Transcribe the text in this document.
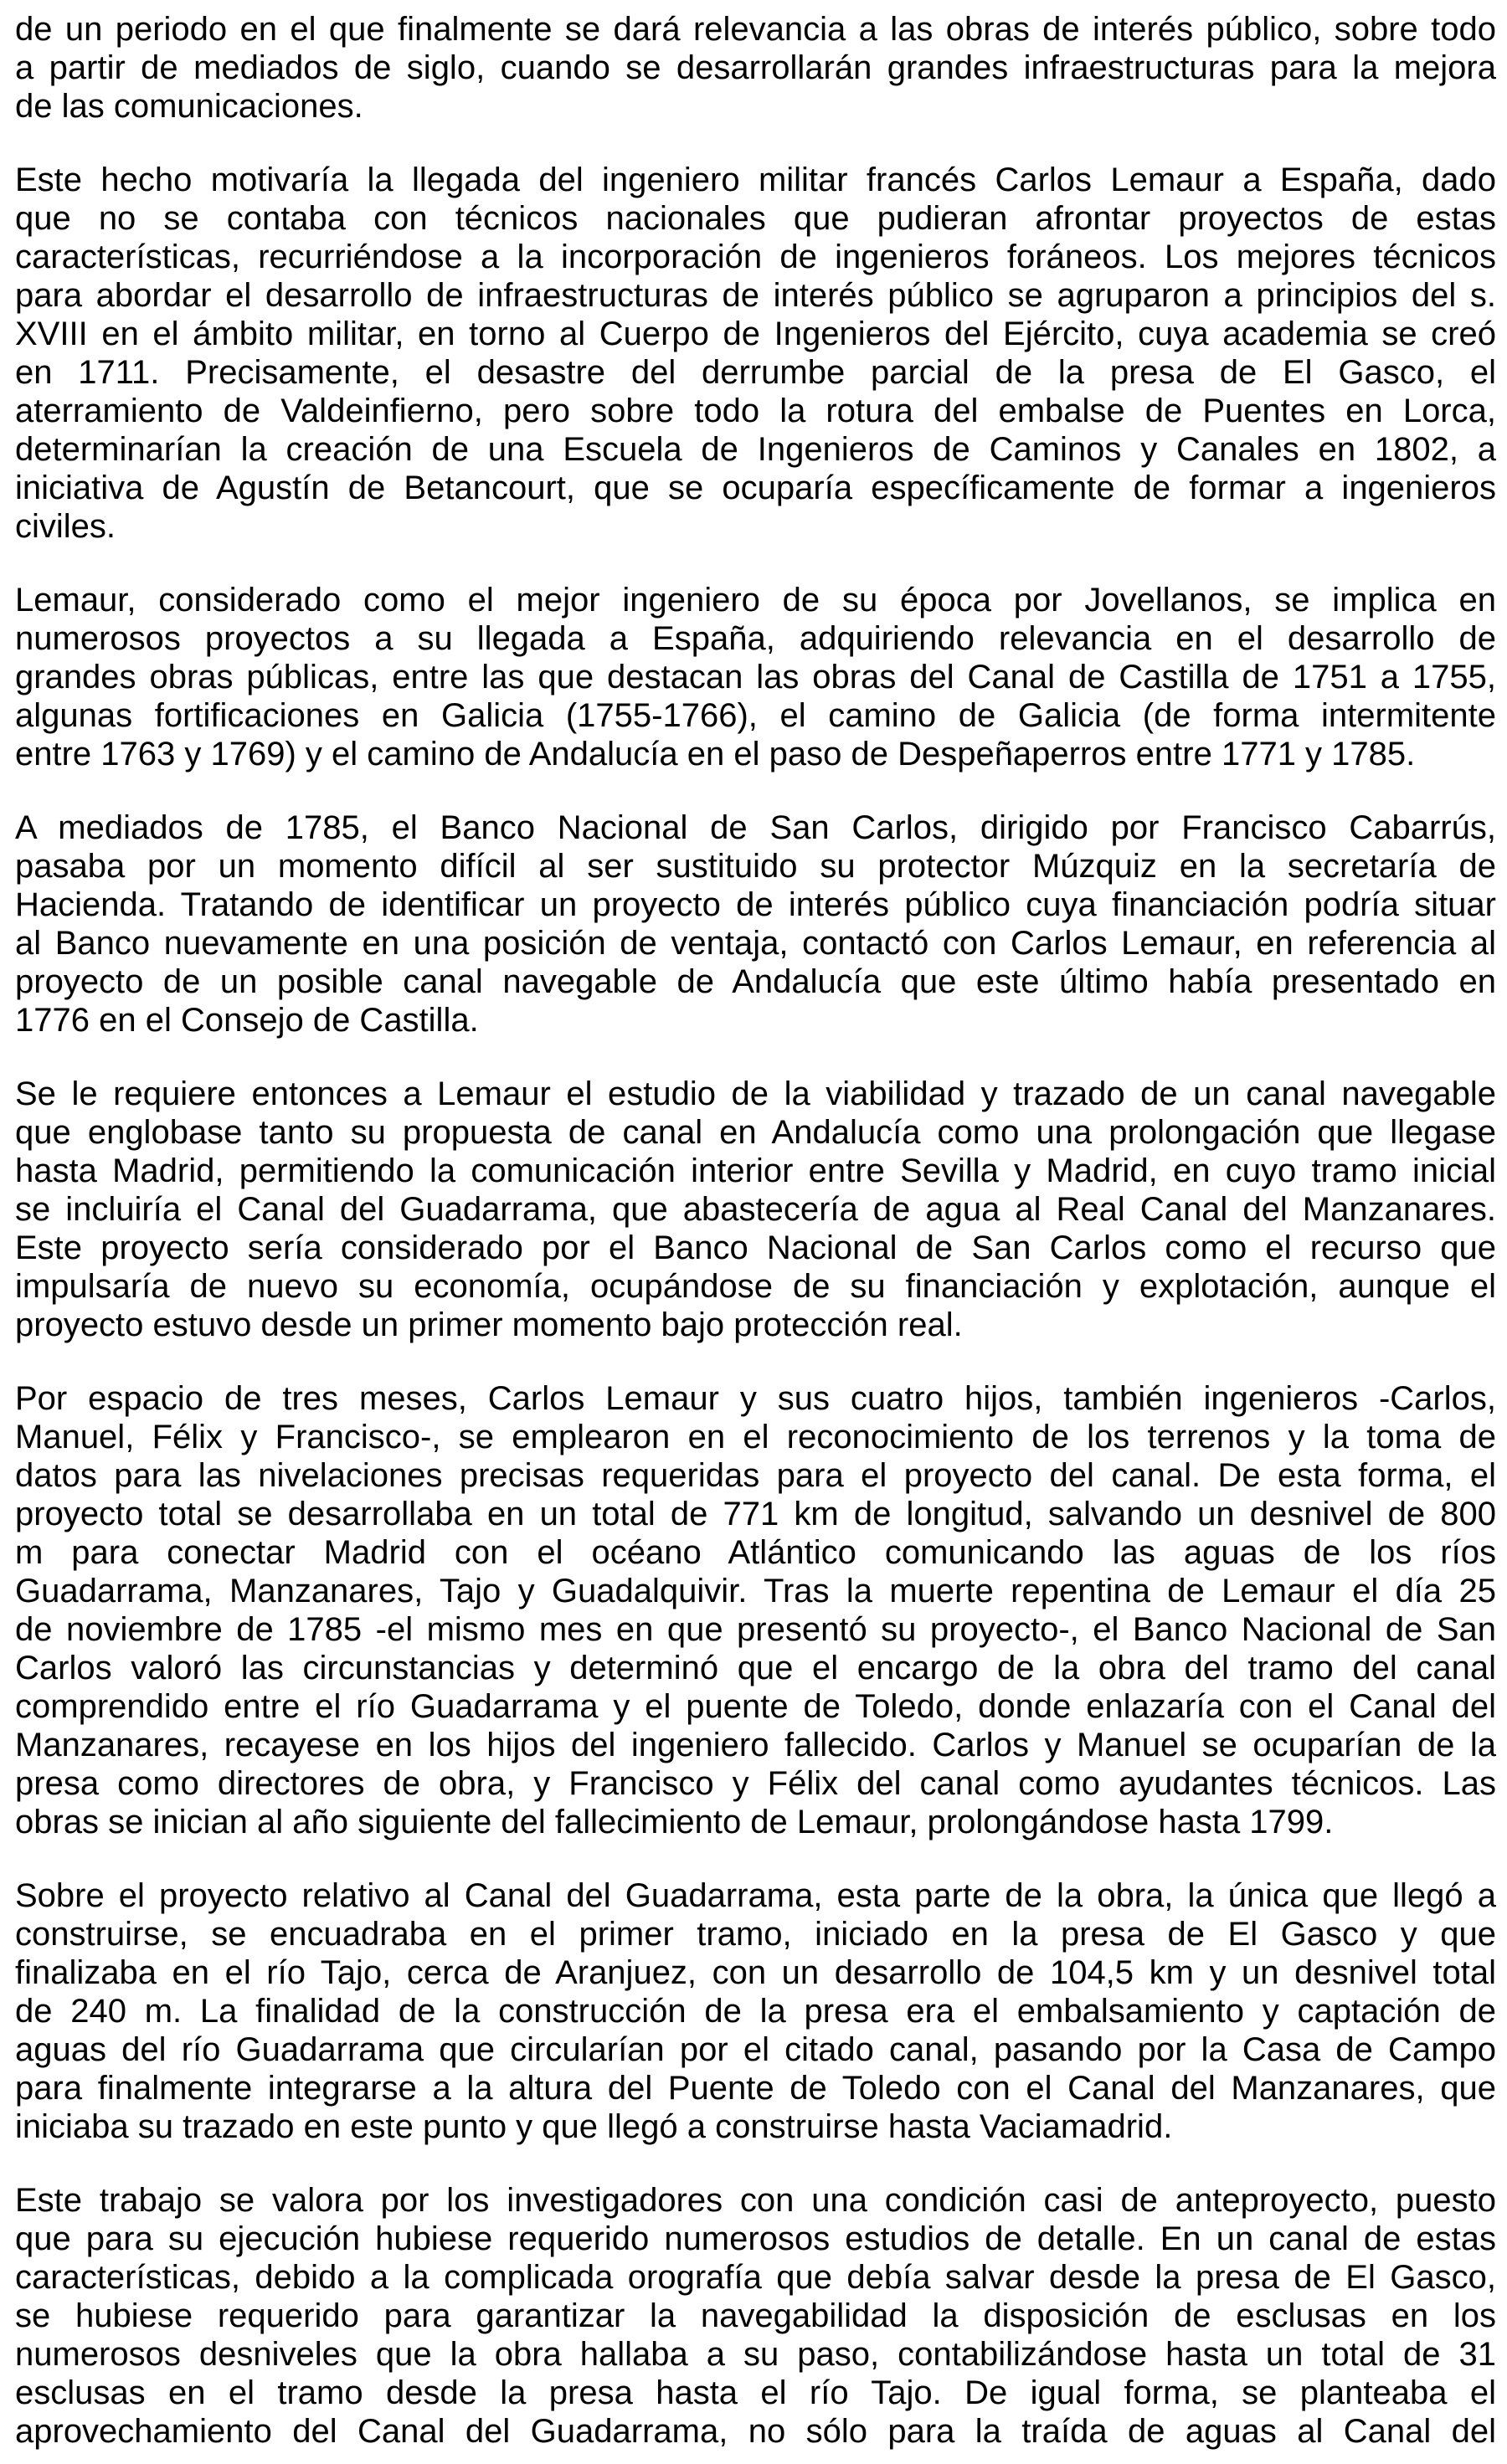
de un periodo en el que finalmente se dará relevancia a las obras de interés público, sobre todo
a partir de mediados de siglo, cuando se desarrollarán grandes infraestructuras para la mejora
de las comunicaciones.

Este hecho motivaría la llegada del ingeniero militar francés Carlos Lemaur a España, dado
que no se contaba con técnicos nacionales que pudieran afrontar proyectos de estas
características, recurriéndose a la incorporación de ingenieros foráneos. Los mejores técnicos
para abordar el desarrollo de infraestructuras de interés público se agruparon a principios del s.
XVIII en el ámbito militar, en torno al Cuerpo de Ingenieros del Ejército, cuya academia se creó
en 1711. Precisamente, el desastre del derrumbe parcial de la presa de El Gasco, el
aterramiento de Valdeinfierno, pero sobre todo la rotura del embalse de Puentes en Lorca,
determinarían la creación de una Escuela de Ingenieros de Caminos y Canales en 1802, a
iniciativa de Agustín de Betancourt, que se ocuparía específicamente de formar a ingenieros
civiles.

Lemaur, considerado como el mejor ingeniero de su época por Jovellanos, se implica en
numerosos proyectos a su llegada a España, adquiriendo relevancia en el desarrollo de
grandes obras públicas, entre las que destacan las obras del Canal de Castilla de 1751 a 1755,
algunas fortificaciones en Galicia (1755-1766), el camino de Galicia (de forma intermitente
entre 1763 y 1769) y el camino de Andalucía en el paso de Despeñaperros entre 1771 y 1785.

A mediados de 1785, el Banco Nacional de San Carlos, dirigido por Francisco Cabarrús,
pasaba por un momento difícil al ser sustituido su protector Múzquiz en la secretaría de
Hacienda. Tratando de identificar un proyecto de interés público cuya financiación podría situar
al Banco nuevamente en una posición de ventaja, contactó con Carlos Lemaur, en referencia al
proyecto de un posible canal navegable de Andalucía que este último había presentado en
1776 en el Consejo de Castilla.

Se le requiere entonces a Lemaur el estudio de la viabilidad y trazado de un canal navegable
que englobase tanto su propuesta de canal en Andalucía como una prolongación que llegase
hasta Madrid, permitiendo la comunicación interior entre Sevilla y Madrid, en cuyo tramo inicial
se incluiría el Canal del Guadarrama, que abastecería de agua al Real Canal del Manzanares.
Este proyecto sería considerado por el Banco Nacional de San Carlos como el recurso que
impulsaría de nuevo su economía, ocupándose de su financiación y explotación, aunque el
proyecto estuvo desde un primer momento bajo protección real.

Por espacio de tres meses, Carlos Lemaur y sus cuatro hijos, también ingenieros -Carlos,
Manuel, Félix y Francisco-, se emplearon en el reconocimiento de los terrenos y la toma de
datos para las nivelaciones precisas requeridas para el proyecto del canal. De esta forma, el
proyecto total se desarrollaba en un total de 771 km de longitud, salvando un desnivel de 800
m para conectar Madrid con el océano Atlántico comunicando las aguas de los ríos
Guadarrama, Manzanares, Tajo y Guadalquivir. Tras la muerte repentina de Lemaur el día 25
de noviembre de 1785 -el mismo mes en que presentó su proyecto-, el Banco Nacional de San
Carlos valoró las circunstancias y determinó que el encargo de la obra del tramo del canal
comprendido entre el río Guadarrama y el puente de Toledo, donde enlazaría con el Canal del
Manzanares, recayese en los hijos del ingeniero fallecido. Carlos y Manuel se ocuparían de la
presa como directores de obra, y Francisco y Félix del canal como ayudantes técnicos. Las
obras se inician al año siguiente del fallecimiento de Lemaur, prolongándose hasta 1799.

Sobre el proyecto relativo al Canal del Guadarrama, esta parte de la obra, la única que llegó a
construirse, se encuadraba en el primer tramo, iniciado en la presa de El Gasco y que
finalizaba en el río Tajo, cerca de Aranjuez, con un desarrollo de 104,5 km y un desnivel total
de 240 m. La finalidad de la construcción de la presa era el embalsamiento y captación de
aguas del río Guadarrama que circularían por el citado canal, pasando por la Casa de Campo
para finalmente integrarse a la altura del Puente de Toledo con el Canal del Manzanares, que
iniciaba su trazado en este punto y que llegó a construirse hasta Vaciamadrid.

Este trabajo se valora por los investigadores con una condición casi de anteproyecto, puesto
que para su ejecución hubiese requerido numerosos estudios de detalle. En un canal de estas
características, debido a la complicada orografía que debía salvar desde la presa de El Gasco,
se hubiese requerido para garantizar la navegabilidad la disposición de esclusas en los
numerosos desniveles que la obra hallaba a su paso, contabilizándose hasta un total de 31
esclusas en el tramo desde la presa hasta el río Tajo. De igual forma, se planteaba el
aprovechamiento del Canal del Guadarrama, no sólo para la traída de aguas al Canal del
